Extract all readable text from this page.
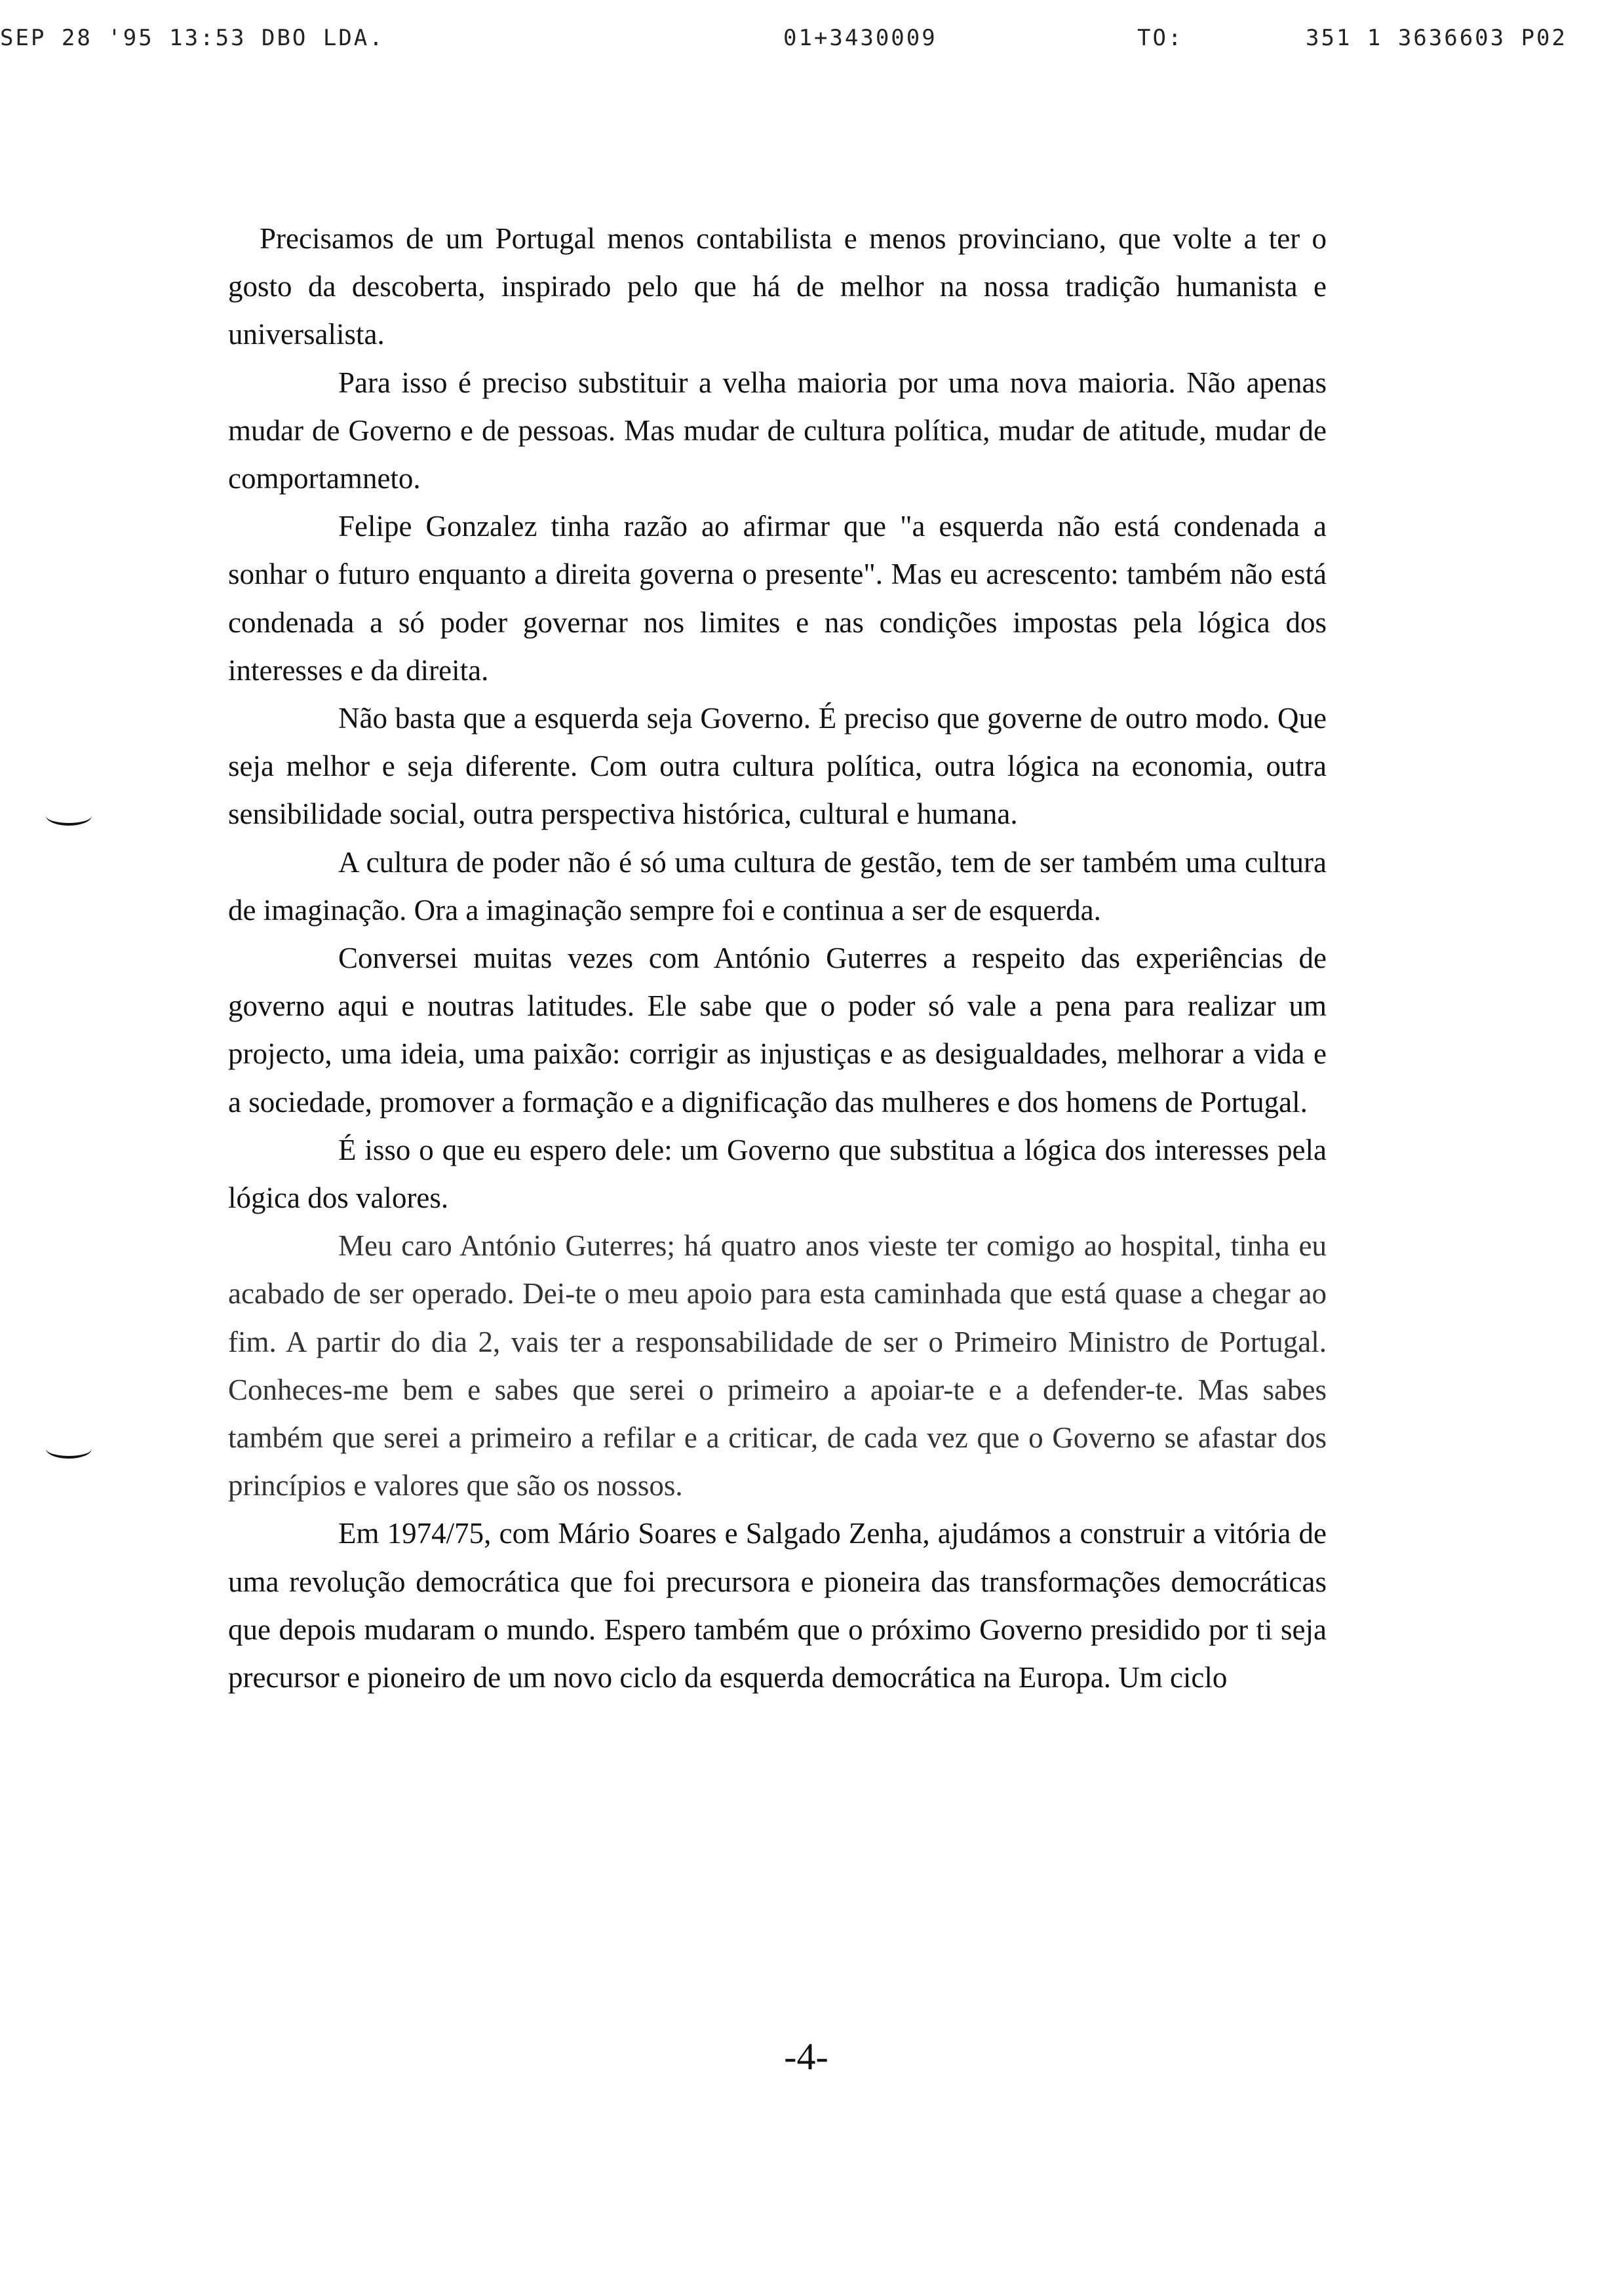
SEP 28 '95 13:53 DBO LDA.	01+3430009	TO:	351 1 3636603 P02

Precisamos de um Portugal menos contabilista e menos provinciano, que volte a ter o gosto da descoberta, inspirado pelo que há de melhor na nossa tradição humanista e universalista.

Para isso é preciso substituir a velha maioria por uma nova maioria. Não apenas mudar de Governo e de pessoas. Mas mudar de cultura política, mudar de atitude, mudar de comportamneto.

Felipe Gonzalez tinha razão ao afirmar que "a esquerda não está condenada a sonhar o futuro enquanto a direita governa o presente". Mas eu acrescento: também não está condenada a só poder governar nos limites e nas condições impostas pela lógica dos interesses e da direita.

Não basta que a esquerda seja Governo. É preciso que governe de outro modo. Que seja melhor e seja diferente. Com outra cultura política, outra lógica na economia, outra sensibilidade social, outra perspectiva histórica, cultural e humana.

A cultura de poder não é só uma cultura de gestão, tem de ser também uma cultura de imaginação. Ora a imaginação sempre foi e continua a ser de esquerda.

Conversei muitas vezes com António Guterres a respeito das experiências de governo aqui e noutras latitudes. Ele sabe que o poder só vale a pena para realizar um projecto, uma ideia, uma paixão: corrigir as injustiças e as desigualdades, melhorar a vida e a sociedade, promover a formação e a dignificação das mulheres e dos homens de Portugal.

É isso o que eu espero dele: um Governo que substitua a lógica dos interesses pela lógica dos valores.

Meu caro António Guterres; há quatro anos vieste ter comigo ao hospital, tinha eu acabado de ser operado. Dei-te o meu apoio para esta caminhada que está quase a chegar ao fim. A partir do dia 2, vais ter a responsabilidade de ser o Primeiro Ministro de Portugal. Conheces-me bem e sabes que serei o primeiro a apoiar-te e a defender-te. Mas sabes também que serei a primeiro a refilar e a criticar, de cada vez que o Governo se afastar dos princípios e valores que são os nossos.

Em 1974/75, com Mário Soares e Salgado Zenha, ajudámos a construir a vitória de uma revolução democrática que foi precursora e pioneira das transformações democráticas que depois mudaram o mundo. Espero também que o próximo Governo presidido por ti seja precursor e pioneiro de um novo ciclo da esquerda democrática na Europa. Um ciclo

-4-
